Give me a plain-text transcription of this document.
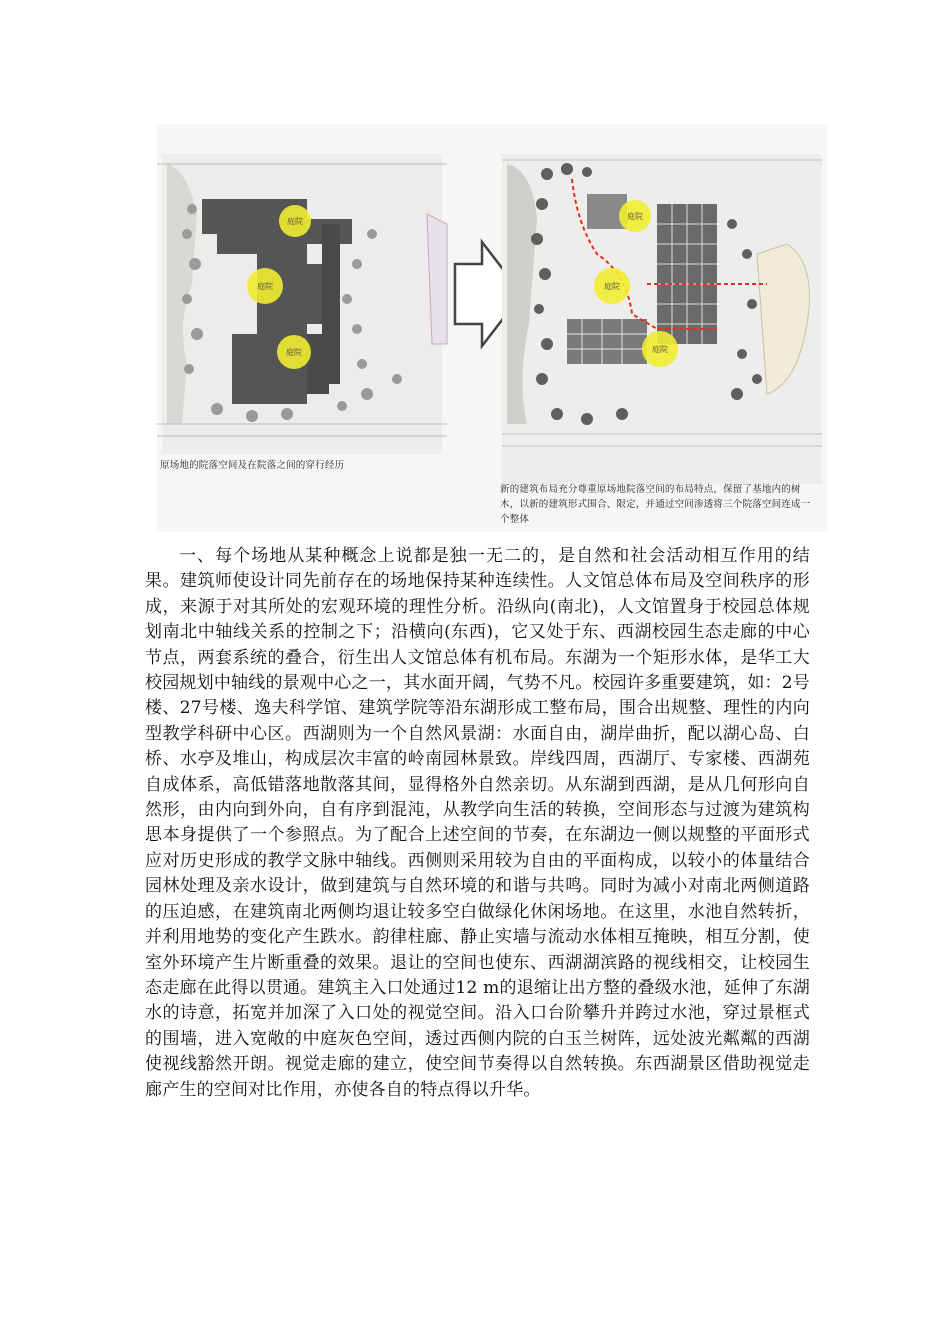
庭院
庭院
庭院
庭院
庭院
庭院
原场地的院落空间及在院落之间的穿行经历
新的建筑布局充分尊重原场地院落空间的布局特点，保留了基地内的树木，以新的建筑形式围合、限定，并通过空间渗透将三个院落空间连成一个整体

一、每个场地从某种概念上说都是独一无二的，是自然和社会活动相互作用的结果。建筑师使设计同先前存在的场地保持某种连续性。人文馆总体布局及空间秩序的形成，来源于对其所处的宏观环境的理性分析。沿纵向(南北)，人文馆置身于校园总体规划南北中轴线关系的控制之下；沿横向(东西)，它又处于东、西湖校园生态走廊的中心节点，两套系统的叠合，衍生出人文馆总体有机布局。东湖为一个矩形水体，是华工大校园规划中轴线的景观中心之一，其水面开阔，气势不凡。校园许多重要建筑，如：2号楼、27号楼、逸夫科学馆、建筑学院等沿东湖形成工整布局，围合出规整、理性的内向型教学科研中心区。西湖则为一个自然风景湖：水面自由，湖岸曲折，配以湖心岛、白桥、水亭及堆山，构成层次丰富的岭南园林景致。岸线四周，西湖厅、专家楼、西湖苑自成体系，高低错落地散落其间，显得格外自然亲切。从东湖到西湖，是从几何形向自然形，由内向到外向，自有序到混沌，从教学向生活的转换，空间形态与过渡为建筑构思本身提供了一个参照点。为了配合上述空间的节奏，在东湖边一侧以规整的平面形式应对历史形成的教学文脉中轴线。西侧则采用较为自由的平面构成，以较小的体量结合园林处理及亲水设计，做到建筑与自然环境的和谐与共鸣。同时为减小对南北两侧道路的压迫感，在建筑南北两侧均退让较多空白做绿化休闲场地。在这里，水池自然转折，并利用地势的变化产生跌水。韵律柱廊、静止实墙与流动水体相互掩映，相互分割，使室外环境产生片断重叠的效果。退让的空间也使东、西湖湖滨路的视线相交，让校园生态走廊在此得以贯通。建筑主入口处通过12 m的退缩让出方整的叠级水池，延伸了东湖水的诗意，拓宽并加深了入口处的视觉空间。沿入口台阶攀升并跨过水池，穿过景框式的围墙，进入宽敞的中庭灰色空间，透过西侧内院的白玉兰树阵，远处波光粼粼的西湖使视线豁然开朗。视觉走廊的建立，使空间节奏得以自然转换。东西湖景区借助视觉走廊产生的空间对比作用，亦使各自的特点得以升华。
